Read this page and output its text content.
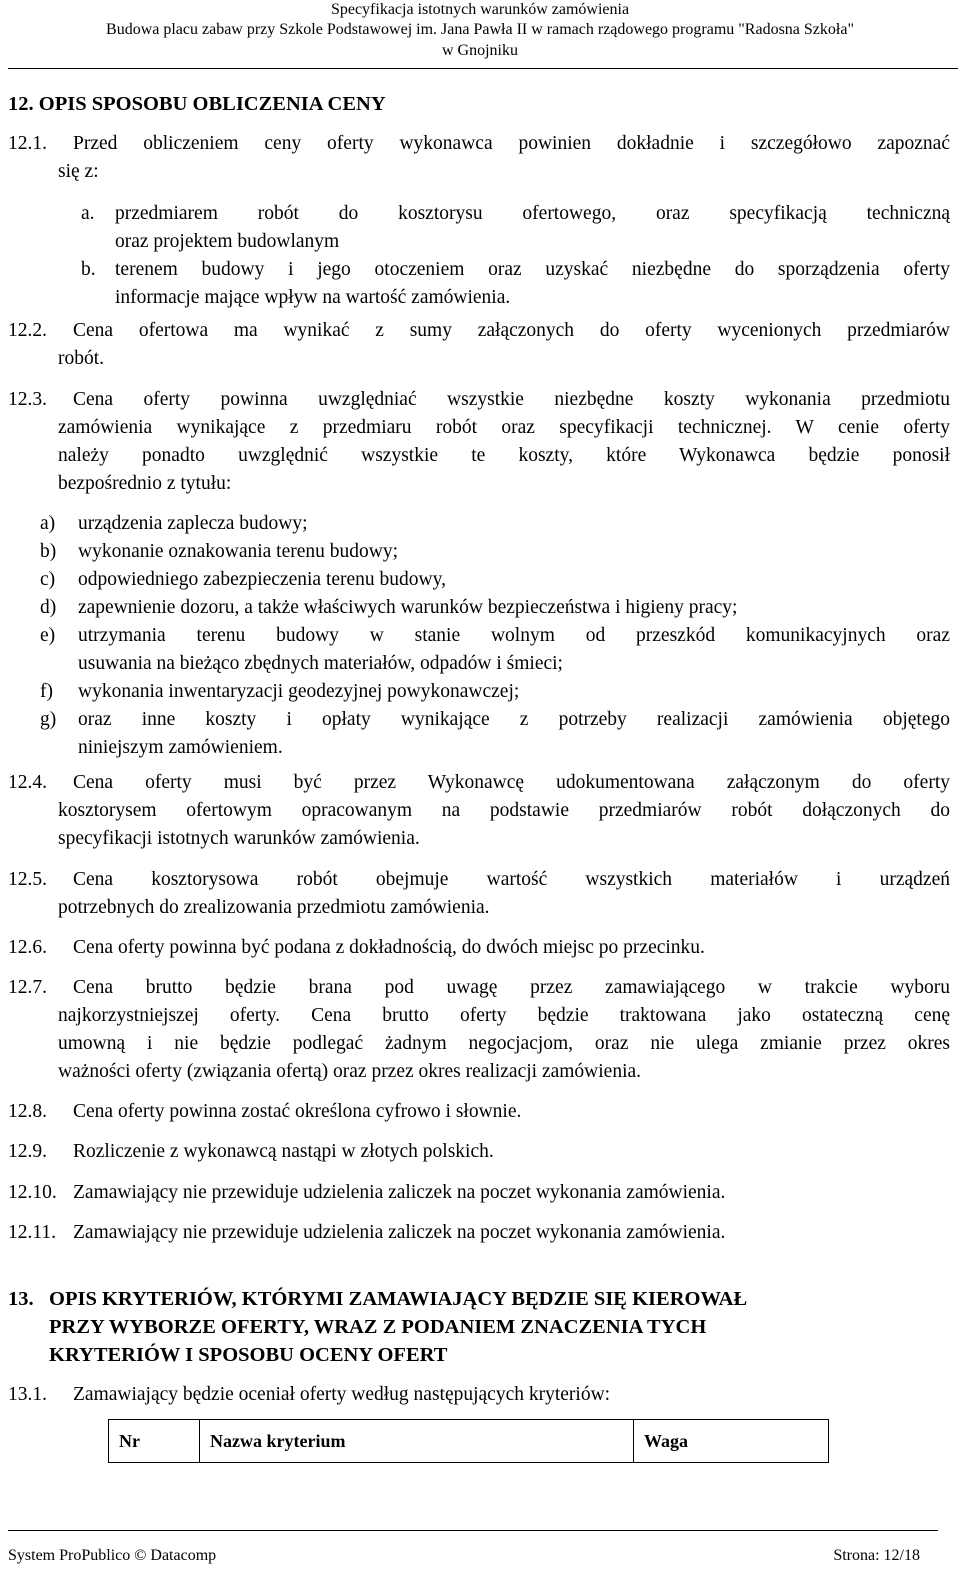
Specyfikacja istotnych warunków zamówienia
Budowa placu zabaw przy Szkole Podstawowej im. Jana Pawła II w ramach rządowego programu "Radosna Szkoła"
w Gnojniku
12. OPIS SPOSOBU OBLICZENIA CENY
12.1. Przed obliczeniem ceny oferty wykonawca powinien dokładnie i szczegółowo zapoznać
się z:
a. przedmiarem robót do kosztorysu ofertowego, oraz specyfikacją techniczną
oraz projektem budowlanym
b. terenem budowy i jego otoczeniem oraz uzyskać niezbędne do sporządzenia oferty
informacje mające wpływ na wartość zamówienia.
12.2. Cena ofertowa ma wynikać z sumy załączonych do oferty wycenionych przedmiarów
robót.
12.3. Cena oferty powinna uwzględniać wszystkie niezbędne koszty wykonania przedmiotu
zamówienia wynikające z przedmiaru robót oraz specyfikacji technicznej. W cenie oferty
należy ponadto uwzględnić wszystkie te koszty, które Wykonawca będzie ponosił
bezpośrednio z tytułu:
a) urządzenia zaplecza budowy;
b) wykonanie oznakowania terenu budowy;
c) odpowiedniego zabezpieczenia terenu budowy,
d) zapewnienie dozoru, a także właściwych warunków bezpieczeństwa i higieny pracy;
e) utrzymania terenu budowy w stanie wolnym od przeszkód komunikacyjnych oraz
usuwania na bieżąco zbędnych materiałów, odpadów i śmieci;
f) wykonania inwentaryzacji geodezyjnej powykonawczej;
g) oraz inne koszty i opłaty wynikające z potrzeby realizacji zamówienia objętego
niniejszym zamówieniem.
12.4. Cena oferty musi być przez Wykonawcę udokumentowana załączonym do oferty
kosztorysem ofertowym opracowanym na podstawie przedmiarów robót dołączonych do
specyfikacji istotnych warunków zamówienia.
12.5. Cena kosztorysowa robót obejmuje wartość wszystkich materiałów i urządzeń
potrzebnych do zrealizowania przedmiotu zamówienia.
12.6. Cena oferty powinna być podana z dokładnością, do dwóch miejsc po przecinku.
12.7. Cena brutto będzie brana pod uwagę przez zamawiającego w trakcie wyboru
najkorzystniejszej oferty. Cena brutto oferty będzie traktowana jako ostateczną cenę
umowną i nie będzie podlegać żadnym negocjacjom, oraz nie ulega zmianie przez okres
ważności oferty (związania ofertą) oraz przez okres realizacji zamówienia.
12.8. Cena oferty powinna zostać określona cyfrowo i słownie.
12.9. Rozliczenie z wykonawcą nastąpi w złotych polskich.
12.10. Zamawiający nie przewiduje udzielenia zaliczek na poczet wykonania zamówienia.
12.11. Zamawiający nie przewiduje udzielenia zaliczek na poczet wykonania zamówienia.
13. OPIS KRYTERIÓW, KTÓRYMI ZAMAWIAJĄCY BĘDZIE SIĘ KIEROWAŁ
PRZY WYBORZE OFERTY, WRAZ Z PODANIEM ZNACZENIA TYCH
KRYTERIÓW I SPOSOBU OCENY OFERT
13.1. Zamawiający będzie oceniał oferty według następujących kryteriów:
Nr	Nazwa kryterium	Waga
System ProPublico © Datacomp	Strona: 12/18
